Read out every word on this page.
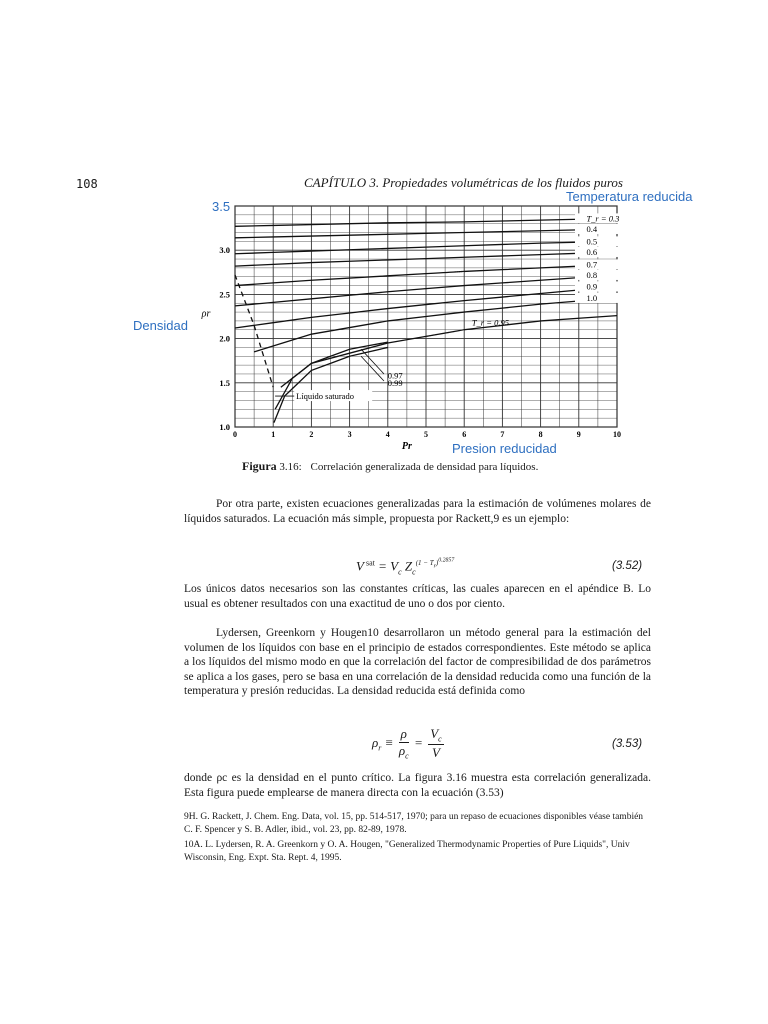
108	CAPÍTULO 3. Propiedades volumétricas de los fluidos puros
Temperatura reducida
3.5
Densidad
Presion reducidad
0	1	2	3	4	5	6	7	8	9	10
1.0
1.5
2.0
2.5
3.0
Pr
ρr
T_r = 0.3
0.4
0.5
0.6
0.7
0.8
0.9
1.0
T_r = 0.95
0.97
0.99
Líquido saturado
Figura 3.16: Correlación generalizada de densidad para líquidos.
Por otra parte, existen ecuaciones generalizadas para la estimación de volúmenes molares de líquidos saturados. La ecuación más simple, propuesta por Rackett,9 es un ejemplo:
V $^{sat} = V_c$ $Z_c^{(1 - T_r)^{0.2857}}$	(3.52)
Los únicos datos necesarios son las constantes críticas, las cuales aparecen en el apéndice B. Lo usual es obtener resultados con una exactitud de uno o dos por ciento.
Lydersen, Greenkorn y Hougen10 desarrollaron un método general para la estimación del volumen de los líquidos con base en el principio de estados correspondientes. Este método se aplica a los líquidos del mismo modo en que la correlación del factor de compresibilidad de dos parámetros se aplica a los gases, pero se basa en una correlación de la densidad reducida como una función de la temperatura y presión reducidas. La densidad reducida está definida como
$\rho_r \equiv \frac{\rho}{\rho_c} = \frac{V_c}{V}$	(3.53)
donde ρc es la densidad en el punto crítico. La figura 3.16 muestra esta correlación generalizada. Esta figura puede emplearse de manera directa con la ecuación (3.53)
9H. G. Rackett, J. Chem. Eng. Data, vol. 15, pp. 514-517, 1970; para un repaso de ecuaciones disponibles véase también C. F. Spencer y S. B. Adler, ibid., vol. 23, pp. 82-89, 1978.
10A. L. Lydersen, R. A. Greenkorn y O. A. Hougen, "Generalized Thermodynamic Properties of Pure Liquids", Univ Wisconsin, Eng. Expt. Sta. Rept. 4, 1995.
